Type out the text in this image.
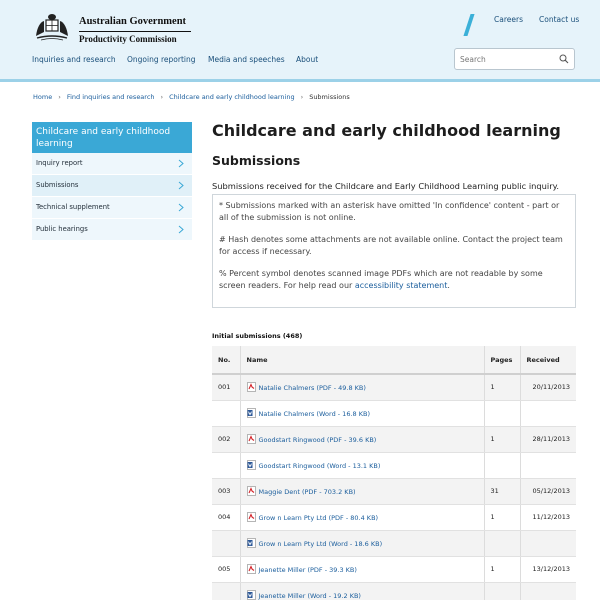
Australian Government
Productivity Commission
Careers Contact us
Inquiries and research Ongoing reporting Media and speeches About
Search
Home › Find inquiries and research › Childcare and early childhood learning › Submissions
Childcare and early childhood learning
Inquiry report
Submissions
Technical supplement
Public hearings
Childcare and early childhood learning
Submissions
Submissions received for the Childcare and Early Childhood Learning public inquiry.

* Submissions marked with an asterisk have omitted 'In confidence' content - part or all of the submission is not online.

# Hash denotes some attachments are not available online. Contact the project team for access if necessary.

% Percent symbol denotes scanned image PDFs which are not readable by some screen readers. For help read our accessibility statement.

Initial submissions (468)
No.	Name	Pages	Received
001	Natalie Chalmers (PDF - 49.8 KB)	1	20/11/2013
	Natalie Chalmers (Word - 16.8 KB)		
002	Goodstart Ringwood (PDF - 39.6 KB)	1	28/11/2013
	Goodstart Ringwood (Word - 13.1 KB)		
003	Maggie Dent (PDF - 703.2 KB)	31	05/12/2013
004	Grow n Learn Pty Ltd (PDF - 80.4 KB)	1	11/12/2013
	Grow n Learn Pty Ltd (Word - 18.6 KB)		
005	Jeanette Miller (PDF - 39.3 KB)	1	13/12/2013
	Jeanette Miller (Word - 19.2 KB)		
